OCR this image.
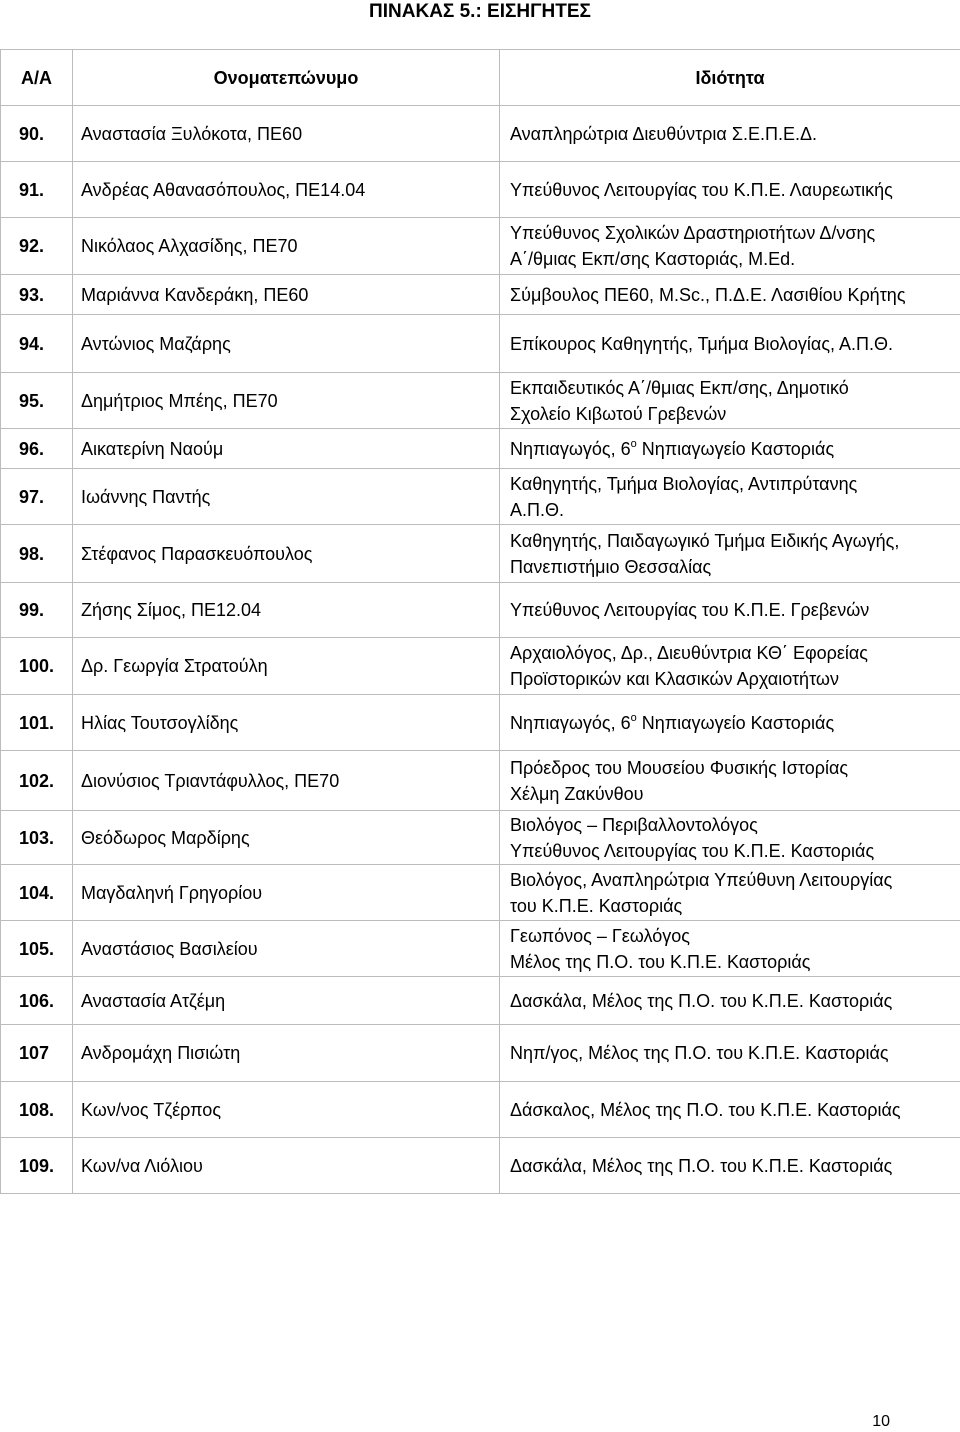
ΠΙΝΑΚΑΣ 5.: ΕΙΣΗΓΗΤΕΣ
Α/Α	Ονοματεπώνυμο	Ιδιότητα
90.	Αναστασία Ξυλόκοτα, ΠΕ60	Αναπληρώτρια Διευθύντρια Σ.Ε.Π.Ε.Δ.

91.	Ανδρέας Αθανασόπουλος, ΠΕ14.04	Υπεύθυνος Λειτουργίας του Κ.Π.Ε. Λαυρεωτικής

92.	Νικόλαος Αλχασίδης, ΠΕ70	Υπεύθυνος Σχολικών Δραστηριοτήτων Δ/νσης
Α΄/θμιας Εκπ/σης Καστοριάς, M.Ed.

93.	Μαριάννα Κανδεράκη, ΠΕ60	Σύμβουλος ΠΕ60, M.Sc., Π.Δ.Ε. Λασιθίου Κρήτης

94.	Αντώνιος Μαζάρης	Επίκουρος Καθηγητής, Τμήμα Βιολογίας, Α.Π.Θ.

95.	Δημήτριος Μπέης, ΠΕ70	Εκπαιδευτικός Α΄/θμιας Εκπ/σης, Δημοτικό
Σχολείο Κιβωτού Γρεβενών

96.	Αικατερίνη Ναούμ	Νηπιαγωγός, $6^o$ Νηπιαγωγείο Καστοριάς

97.	Ιωάννης Παντής	Καθηγητής, Τμήμα Βιολογίας, Αντιπρύτανης
Α.Π.Θ.

98.	Στέφανος Παρασκευόπουλος	Καθηγητής, Παιδαγωγικό Τμήμα Ειδικής Αγωγής,
Πανεπιστήμιο Θεσσαλίας

99.	Ζήσης Σίμος, ΠΕ12.04	Υπεύθυνος Λειτουργίας του Κ.Π.Ε. Γρεβενών

100.	Δρ. Γεωργία Στρατούλη	Αρχαιολόγος, Δρ., Διευθύντρια ΚΘ΄ Εφορείας
Προϊστορικών και Κλασικών Αρχαιοτήτων

101.	Ηλίας Τουτσογλίδης	Νηπιαγωγός, $6^o$ Νηπιαγωγείο Καστοριάς

102.	Διονύσιος Τριαντάφυλλος, ΠΕ70	Πρόεδρος του Μουσείου Φυσικής Ιστορίας
Χέλμη Ζακύνθου

103.	Θεόδωρος Μαρδίρης	Βιολόγος – Περιβαλλοντολόγος
Υπεύθυνος Λειτουργίας του Κ.Π.Ε. Καστοριάς

104.	Μαγδαληνή Γρηγορίου	Βιολόγος, Αναπληρώτρια Υπεύθυνη Λειτουργίας
του Κ.Π.Ε. Καστοριάς

105.	Αναστάσιος Βασιλείου	Γεωπόνος – Γεωλόγος
Μέλος της Π.Ο. του Κ.Π.Ε. Καστοριάς

106.	Αναστασία Ατζέμη	Δασκάλα, Μέλος της Π.Ο. του Κ.Π.Ε. Καστοριάς

107	Ανδρομάχη Πισιώτη	Νηπ/γος, Μέλος της Π.Ο. του Κ.Π.Ε. Καστοριάς

108.	Κων/νος Τζέρπος	Δάσκαλος, Μέλος της Π.Ο. του Κ.Π.Ε. Καστοριάς

109.	Κων/να Λιόλιου	Δασκάλα, Μέλος της Π.Ο. του Κ.Π.Ε. Καστοριάς
10
